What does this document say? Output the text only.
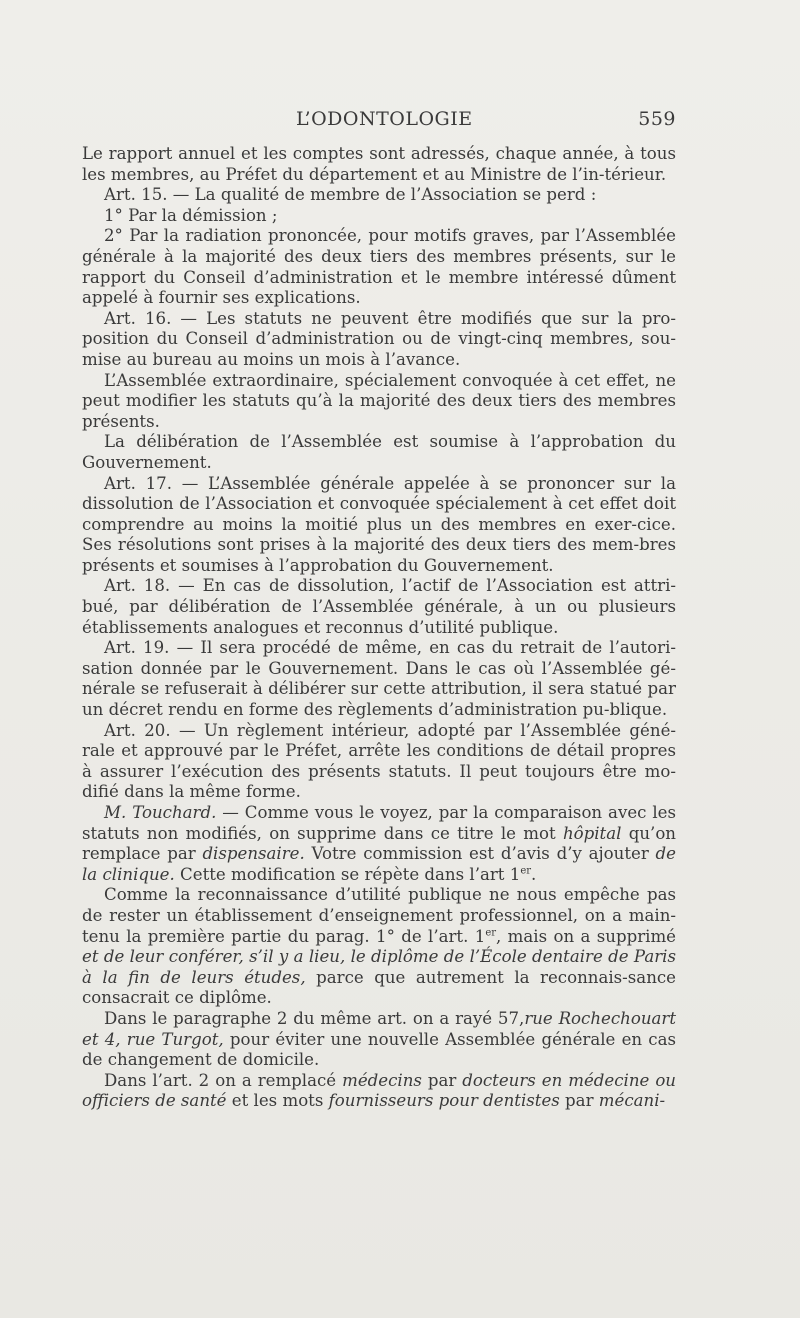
L’ODONTOLOGIE	559

Le rapport annuel et les comptes sont adressés, chaque année, à tous les membres, au Préfet du département et au Ministre de l’in-térieur.

Art. 15. — La qualité de membre de l’Association se perd :

1° Par la démission ;

2° Par la radiation prononcée, pour motifs graves, par l’Assemblée générale à la majorité des deux tiers des membres présents, sur le rapport du Conseil d’administration et le membre intéressé dûment appelé à fournir ses explications.

Art. 16. — Les statuts ne peuvent être modifiés que sur la pro-position du Conseil d’administration ou de vingt-cinq membres, sou-mise au bureau au moins un mois à l’avance.

L’Assemblée extraordinaire, spécialement convoquée à cet effet, ne peut modifier les statuts qu’à la majorité des deux tiers des membres présents.

La délibération de l’Assemblée est soumise à l’approbation du Gouvernement.

Art. 17. — L’Assemblée générale appelée à se prononcer sur la dissolution de l’Association et convoquée spécialement à cet effet doit comprendre au moins la moitié plus un des membres en exer-cice. Ses résolutions sont prises à la majorité des deux tiers des mem-bres présents et soumises à l’approbation du Gouvernement.

Art. 18. — En cas de dissolution, l’actif de l’Association est attri-bué, par délibération de l’Assemblée générale, à un ou plusieurs établissements analogues et reconnus d’utilité publique.

Art. 19. — Il sera procédé de même, en cas du retrait de l’autori-sation donnée par le Gouvernement. Dans le cas où l’Assemblée gé-nérale se refuserait à délibérer sur cette attribution, il sera statué par un décret rendu en forme des règlements d’administration pu-blique.

Art. 20. — Un règlement intérieur, adopté par l’Assemblée géné-rale et approuvé par le Préfet, arrête les conditions de détail propres à assurer l’exécution des présents statuts. Il peut toujours être mo-difié dans la même forme.

M. Touchard. — Comme vous le voyez, par la comparaison avec les statuts non modifiés, on supprime dans ce titre le mot hôpital qu’on remplace par dispensaire. Votre commission est d’avis d’y ajouter de la clinique. Cette modification se répète dans l’art 1er.

Comme la reconnaissance d’utilité publique ne nous empêche pas de rester un établissement d’enseignement professionnel, on a main-tenu la première partie du parag. 1° de l’art. 1er, mais on a supprimé et de leur conférer, s’il y a lieu, le diplôme de l’École dentaire de Paris à la fin de leurs études, parce que autrement la reconnais-sance consacrait ce diplôme.

Dans le paragraphe 2 du même art. on a rayé 57,rue Rochechouart et 4, rue Turgot, pour éviter une nouvelle Assemblée générale en cas de changement de domicile.

Dans l’art. 2 on a remplacé médecins par docteurs en médecine ou officiers de santé et les mots fournisseurs pour dentistes par mécani-
